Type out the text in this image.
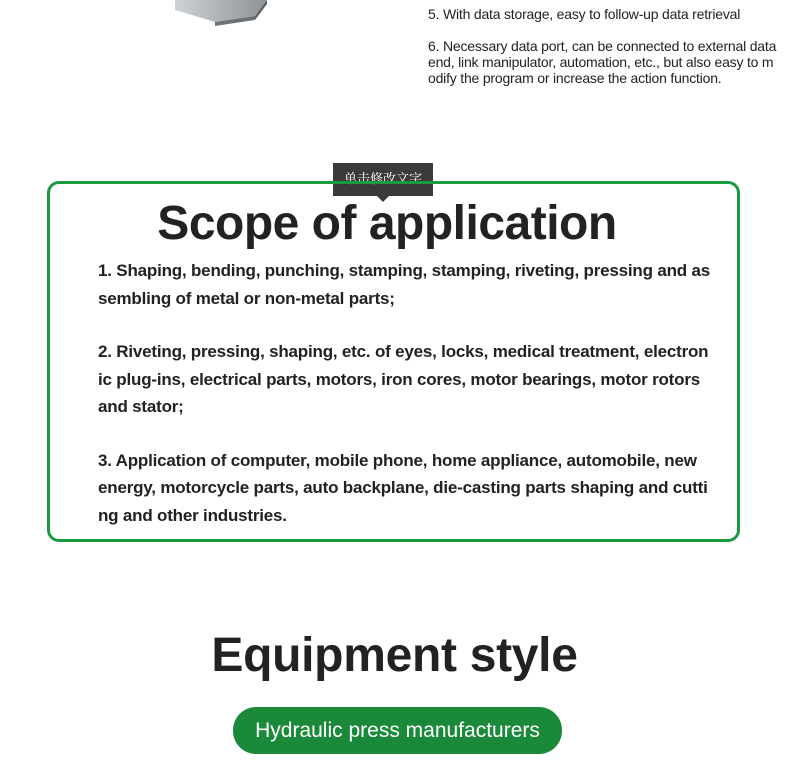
5. With data storage, easy to follow-up data retrieval

6. Necessary data port, can be connected to external data end, link manipulator, automation, etc., but also easy to modify the program or increase the action function.

单击修改文字
Scope of application

1. Shaping, bending, punching, stamping, stamping, riveting, pressing and assembling of metal or non-metal parts;

2. Riveting, pressing, shaping, etc. of eyes, locks, medical treatment, electronic plug-ins, electrical parts, motors, iron cores, motor bearings, motor rotors and stator;

3. Application of computer, mobile phone, home appliance, automobile, new energy, motorcycle parts, auto backplane, die-casting parts shaping and cutting and other industries.

Equipment style
Hydraulic press manufacturers
